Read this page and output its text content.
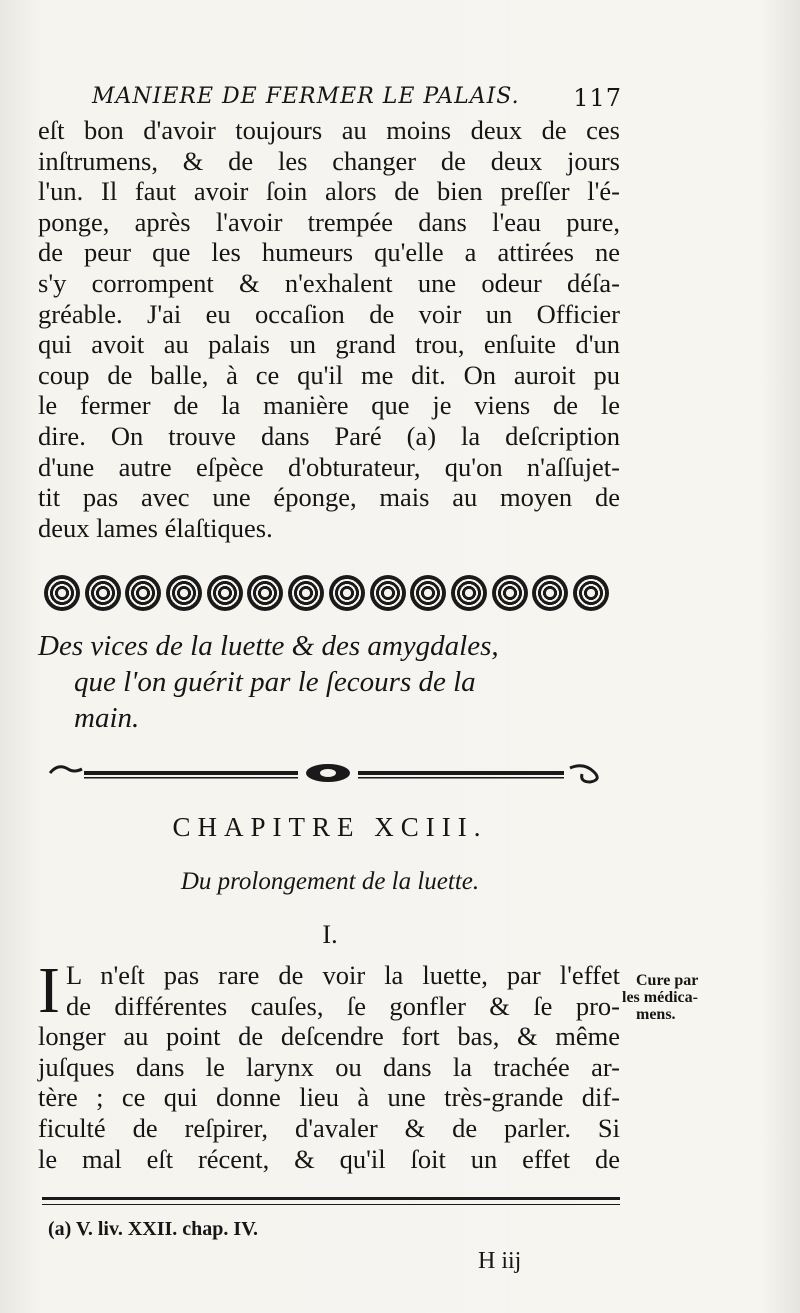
MANIERE DE FERMER LE PALAIS. 117
eſt bon d'avoir toujours au moins deux de ces
inſtrumens, & de les changer de deux jours
l'un. Il faut avoir ſoin alors de bien preſſer l'é-
ponge, après l'avoir trempée dans l'eau pure,
de peur que les humeurs qu'elle a attirées ne
s'y corrompent & n'exhalent une odeur déſa-
gréable. J'ai eu occaſion de voir un Officier
qui avoit au palais un grand trou, enſuite d'un
coup de balle, à ce qu'il me dit. On auroit pu
le fermer de la manière que je viens de le
dire. On trouve dans Paré (a) la deſcription
d'une autre eſpèce d'obturateur, qu'on n'aſſujet-
tit pas avec une éponge, mais au moyen de
deux lames élaſtiques.
Des vices de la luette & des amygdales,
que l'on guérit par le ſecours de la
main.
CHAPITRE XCIII.
Du prolongement de la luette.
I.
I L n'eſt pas rare de voir la luette, par l'effet
de différentes cauſes, ſe gonfler & ſe pro-
longer au point de deſcendre fort bas, & même
juſques dans le larynx ou dans la trachée ar-
tère ; ce qui donne lieu à une très-grande dif-
ficulté de reſpirer, d'avaler & de parler. Si
le mal eſt récent, & qu'il ſoit un effet de
Cure par
les médica-
mens.
(a) V. liv. XXII. chap. IV.
H iij
